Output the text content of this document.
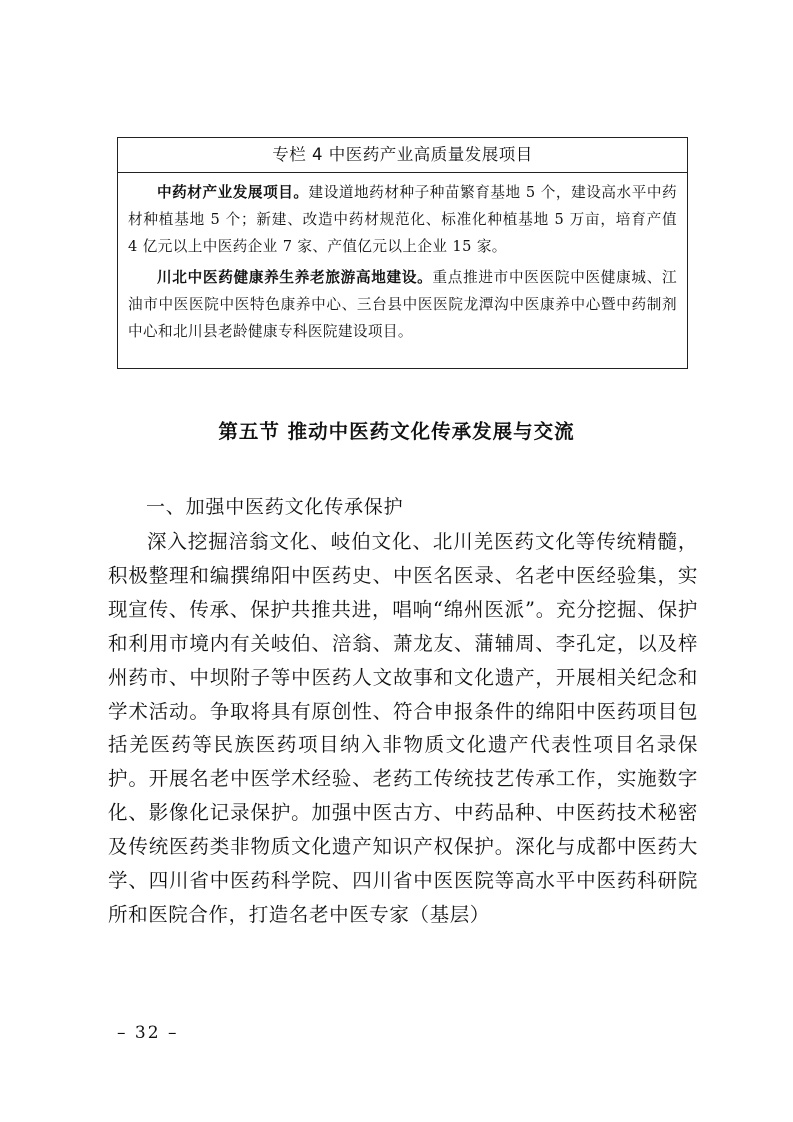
专栏 4 中医药产业高质量发展项目

中药材产业发展项目。建设道地药材种子种苗繁育基地 5 个，建设高水平中药材种植基地 5 个；新建、改造中药材规范化、标准化种植基地 5 万亩，培育产值 4 亿元以上中医药企业 7 家、产值亿元以上企业 15 家。

川北中医药健康养生养老旅游高地建设。重点推进市中医医院中医健康城、江油市中医医院中医特色康养中心、三台县中医医院龙潭沟中医康养中心暨中药制剂中心和北川县老龄健康专科医院建设项目。

第五节 推动中医药文化传承发展与交流
一、加强中医药文化传承保护

深入挖掘涪翁文化、岐伯文化、北川羌医药文化等传统精髓，积极整理和编撰绵阳中医药史、中医名医录、名老中医经验集，实现宣传、传承、保护共推共进，唱响“绵州医派”。充分挖掘、保护和利用市境内有关岐伯、涪翁、萧龙友、蒲辅周、李孔定，以及梓州药市、中坝附子等中医药人文故事和文化遗产，开展相关纪念和学术活动。争取将具有原创性、符合申报条件的绵阳中医药项目包括羌医药等民族医药项目纳入非物质文化遗产代表性项目名录保护。开展名老中医学术经验、老药工传统技艺传承工作，实施数字化、影像化记录保护。加强中医古方、中药品种、中医药技术秘密及传统医药类非物质文化遗产知识产权保护。深化与成都中医药大学、四川省中医药科学院、四川省中医医院等高水平中医药科研院所和医院合作，打造名老中医专家（基层）

– 32 –
